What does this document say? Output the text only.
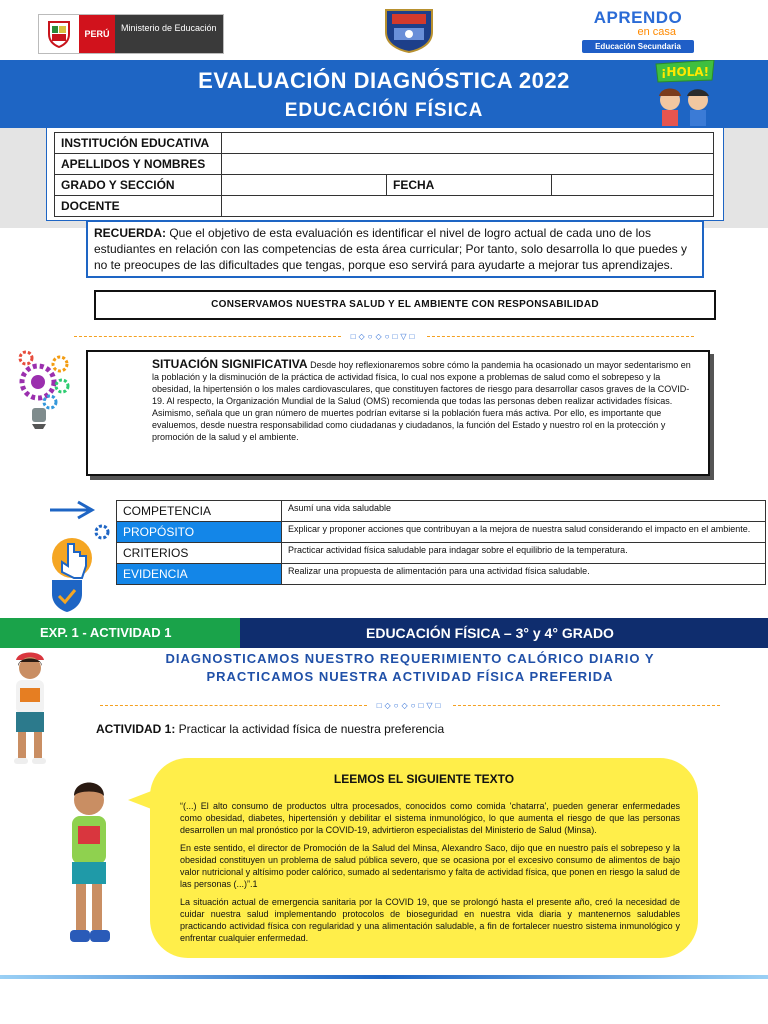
PERÚ
Ministerio de Educación
APRENDO
en casa
Educación Secundaria
EVALUACIÓN DIAGNÓSTICA 2022
EDUCACIÓN FÍSICA
¡HOLA!
INSTITUCIÓN EDUCATIVA			
APELLIDOS Y NOMBRES			
GRADO Y SECCIÓN		FECHA	
DOCENTE			
RECUERDA: Que el objetivo de esta evaluación es identificar el nivel de logro actual de cada uno de los estudiantes en relación con las competencias de esta área curricular; Por tanto, solo desarrolla lo que puedes y no te preocupes de las dificultades que tengas, porque eso servirá para ayudarte a mejorar tus aprendizajes.
CONSERVAMOS NUESTRA SALUD Y EL AMBIENTE CON RESPONSABILIDAD
□◇○◇○□▽□
SITUACIÓN SIGNIFICATIVA Desde hoy reflexionaremos sobre cómo la pandemia ha ocasionado un mayor sedentarismo en la población y la disminución de la práctica de actividad física, lo cual nos expone a problemas de salud como el sobrepeso y la obesidad, la hipertensión o los males cardiovasculares, que constituyen factores de riesgo para desarrollar casos graves de la COVID-19. Al respecto, la Organización Mundial de la Salud (OMS) recomienda que todas las personas deben realizar actividades físicas.
Asimismo, señala que un gran número de muertes podrían evitarse si la población fuera más activa. Por ello, es importante que evaluemos, desde nuestra responsabilidad como ciudadanas y ciudadanos, la función del Estado y nuestro rol en la protección y promoción de la salud y el ambiente.
COMPETENCIA	Asumí una vida saludable
PROPÓSITO	Explicar y proponer acciones que contribuyan a la mejora de nuestra salud considerando el impacto en el ambiente.
CRITERIOS	Practicar actividad física saludable para indagar sobre el equilibrio de la temperatura.
EVIDENCIA	Realizar una propuesta de alimentación para una actividad física saludable.
EXP. 1 - ACTIVIDAD 1	EDUCACIÓN FÍSICA – 3° y 4° GRADO
DIAGNOSTICAMOS NUESTRO REQUERIMIENTO CALÓRICO DIARIO Y
PRACTICAMOS NUESTRA ACTIVIDAD FÍSICA PREFERIDA
□◇○◇○□▽□
ACTIVIDAD 1: Practicar la actividad física de nuestra preferencia
LEEMOS EL SIGUIENTE TEXTO

“(...) El alto consumo de productos ultra procesados, conocidos como comida 'chatarra', pueden generar enfermedades como obesidad, diabetes, hipertensión y debilitar el sistema inmunológico, lo que aumenta el riesgo de que las personas desarrollen un mal pronóstico por la COVID-19, advirtieron especialistas del Ministerio de Salud (Minsa).

En este sentido, el director de Promoción de la Salud del Minsa, Alexandro Saco, dijo que en nuestro país el sobrepeso y la obesidad constituyen un problema de salud pública severo, que se ocasiona por el excesivo consumo de alimentos de bajo valor nutricional y altísimo poder calórico, sumado al sedentarismo y falta de actividad física, que ponen en riesgo la salud de las personas (...)”.1

La situación actual de emergencia sanitaria por la COVID 19, que se prolongó hasta el presente año, creó la necesidad de cuidar nuestra salud implementando protocolos de bioseguridad en nuestra vida diaria y mantenernos saludables practicando actividad física con regularidad y una alimentación saludable, a fin de fortalecer nuestro sistema inmunológico y enfrentar cualquier enfermedad.
